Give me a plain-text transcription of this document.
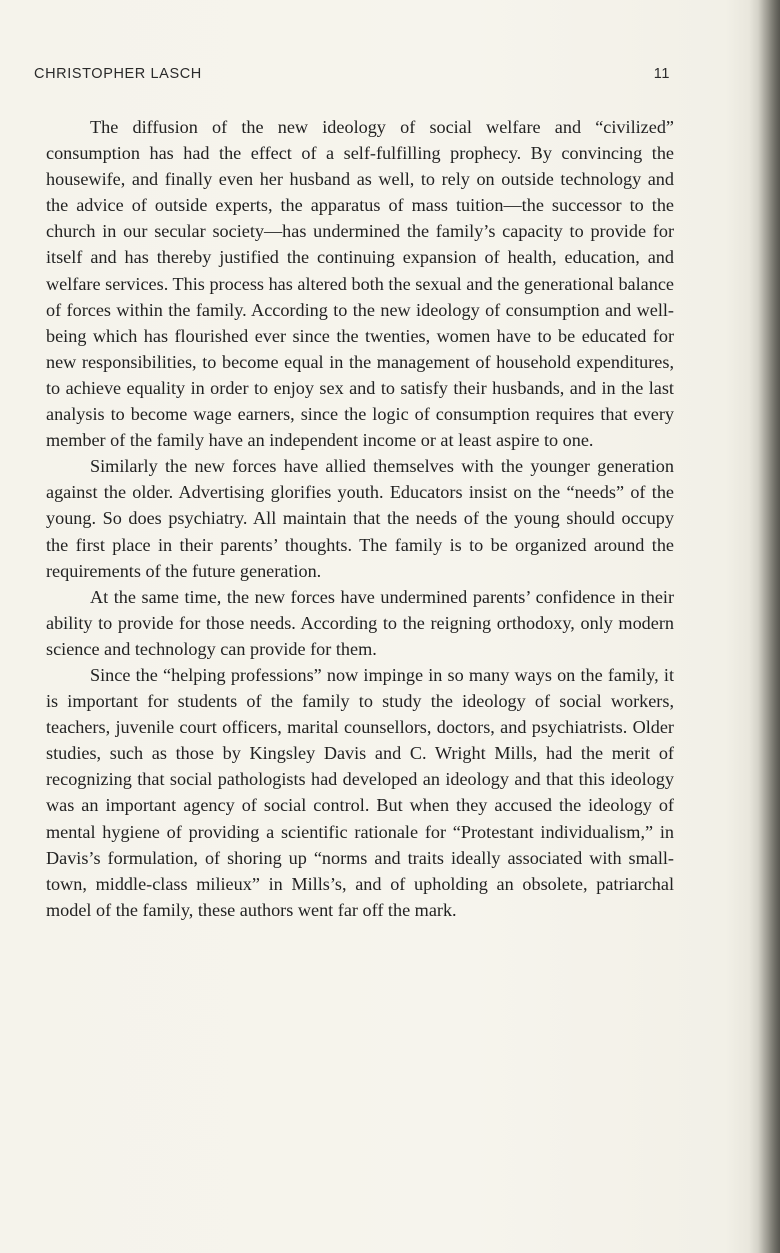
CHRISTOPHER LASCH	11

The diffusion of the new ideology of social welfare and “civilized” consumption has had the effect of a self-fulfilling prophecy. By convincing the housewife, and finally even her husband as well, to rely on outside technology and the advice of outside experts, the apparatus of mass tuition—the successor to the church in our secular society—has undermined the family’s capacity to provide for itself and has thereby justified the continuing expansion of health, education, and welfare services. This process has altered both the sexual and the generational balance of forces within the family. According to the new ideology of consumption and well-being which has flourished ever since the twenties, women have to be educated for new responsibilities, to become equal in the management of household expenditures, to achieve equality in order to enjoy sex and to satisfy their husbands, and in the last analysis to become wage earners, since the logic of consumption requires that every member of the family have an independent income or at least aspire to one.

Similarly the new forces have allied themselves with the younger generation against the older. Advertising glorifies youth. Educators insist on the “needs” of the young. So does psychiatry. All maintain that the needs of the young should occupy the first place in their parents’ thoughts. The family is to be organized around the requirements of the future generation.

At the same time, the new forces have undermined parents’ confidence in their ability to provide for those needs. According to the reigning orthodoxy, only modern science and technology can provide for them.

Since the “helping professions” now impinge in so many ways on the family, it is important for students of the family to study the ideology of social workers, teachers, juvenile court officers, marital counsellors, doctors, and psychiatrists. Older studies, such as those by Kingsley Davis and C. Wright Mills, had the merit of recognizing that social pathologists had developed an ideology and that this ideology was an important agency of social control. But when they accused the ideology of mental hygiene of providing a scientific rationale for “Protestant individualism,” in Davis’s formulation, of shoring up “norms and traits ideally associated with small-town, middle-class milieux” in Mills’s, and of upholding an obsolete, patriarchal model of the family, these authors went far off the mark.
